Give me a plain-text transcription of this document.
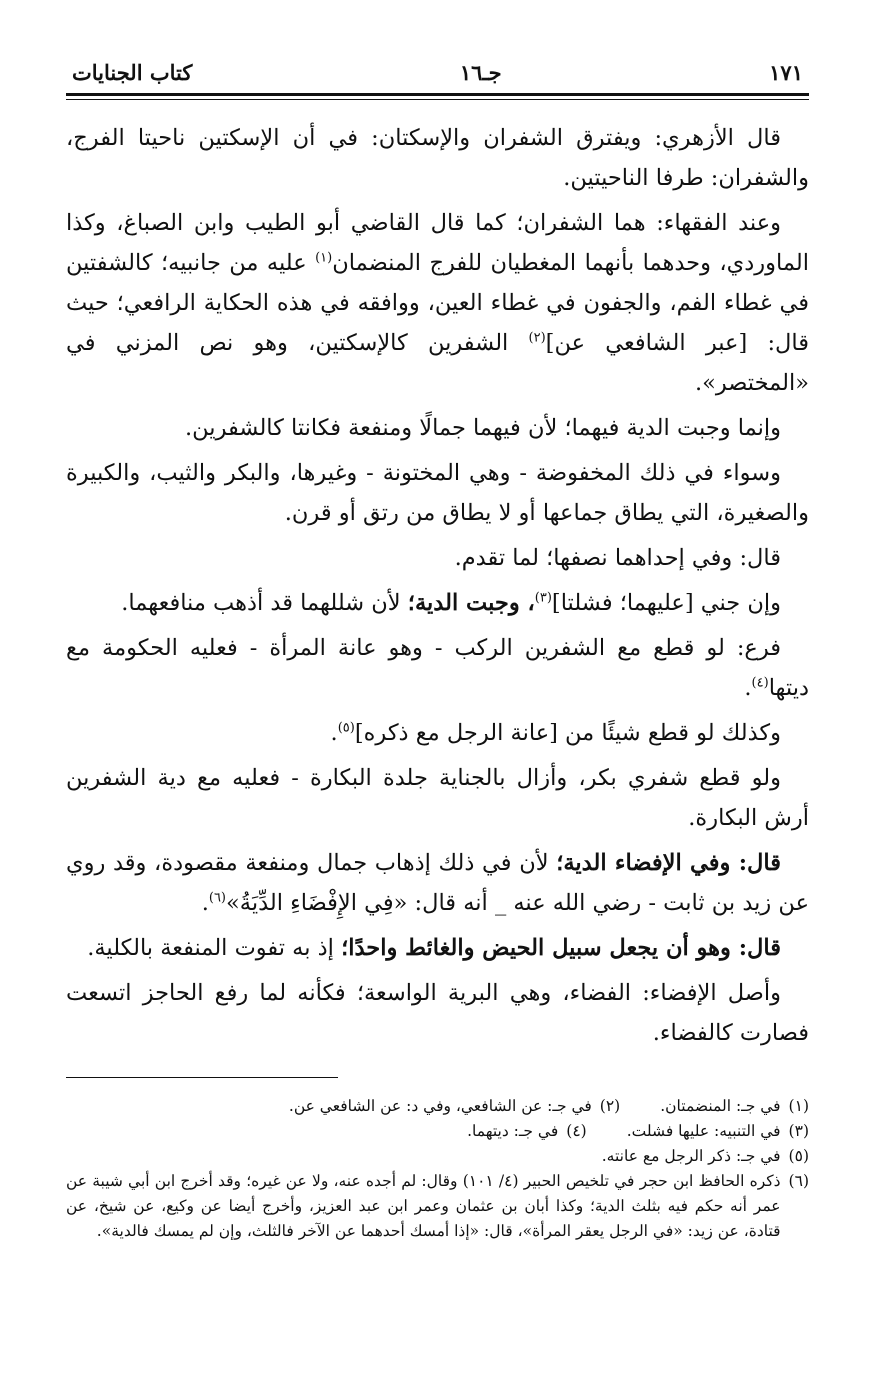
١٧١
جـ١٦
كتاب الجنايات

قال الأزهري: ويفترق الشفران والإسكتان: في أن الإسكتين ناحيتا الفرج، والشفران: طرفا الناحيتين.

وعند الفقهاء: هما الشفران؛ كما قال القاضي أبو الطيب وابن الصباغ، وكذا الماوردي، وحدهما بأنهما المغطيان للفرج المنضمان$^{(١)}$ عليه من جانبيه؛ كالشفتين في غطاء الفم، والجفون في غطاء العين، ووافقه في هذه الحكاية الرافعي؛ حيث قال: [عبر الشافعي عن]$^{(٢)}$ الشفرين كالإسكتين، وهو نص المزني في «المختصر».

وإنما وجبت الدية فيهما؛ لأن فيهما جمالًا ومنفعة فكانتا كالشفرين.

وسواء في ذلك المخفوضة - وهي المختونة - وغيرها، والبكر والثيب، والكبيرة والصغيرة، التي يطاق جماعها أو لا يطاق من رتق أو قرن.

قال: وفي إحداهما نصفها؛ لما تقدم.

وإن جني [عليهما؛ فشلتا]$^{(٣)}$، وجبت الدية؛ لأن شللهما قد أذهب منافعهما.

فرع: لو قطع مع الشفرين الركب - وهو عانة المرأة - فعليه الحكومة مع ديتها$^{(٤)}$.

وكذلك لو قطع شيئًا من [عانة الرجل مع ذكره]$^{(٥)}$.

ولو قطع شفري بكر، وأزال بالجناية جلدة البكارة - فعليه مع دية الشفرين أرش البكارة.

قال: وفي الإفضاء الدية؛ لأن في ذلك إذهاب جمال ومنفعة مقصودة، وقد روي عن زيد بن ثابت - رضي الله عنه _ أنه قال: «فِي الإِفْضَاءِ الدِّيَةُ»$^{(٦)}$.

قال: وهو أن يجعل سبيل الحيض والغائط واحدًا؛ إذ به تفوت المنفعة بالكلية.

وأصل الإفضاء: الفضاء، وهي البرية الواسعة؛ فكأنه لما رفع الحاجز اتسعت فصارت كالفضاء.

(١)
في جـ: المنضمتان.
(٢)
في جـ: عن الشافعي، وفي د: عن الشافعي عن.
(٣)
في التنبيه: عليها فشلت.
(٤)
في جـ: ديتهما.
(٥)
في جـ: ذكر الرجل مع عانته.
(٦)
ذكره الحافظ ابن حجر في تلخيص الحبير (٤/ ١٠١) وقال: لم أجده عنه، ولا عن غيره؛ وقد أخرج ابن أبي شيبة عن عمر أنه حكم فيه بثلث الدية؛ وكذا أبان بن عثمان وعمر ابن عبد العزيز، وأخرج أيضا عن وكيع، عن شيخ، عن قتادة، عن زيد: «في الرجل يعقر المرأة»، قال: «إذا أمسك أحدهما عن الآخر فالثلث، وإن لم يمسك فالدية».
